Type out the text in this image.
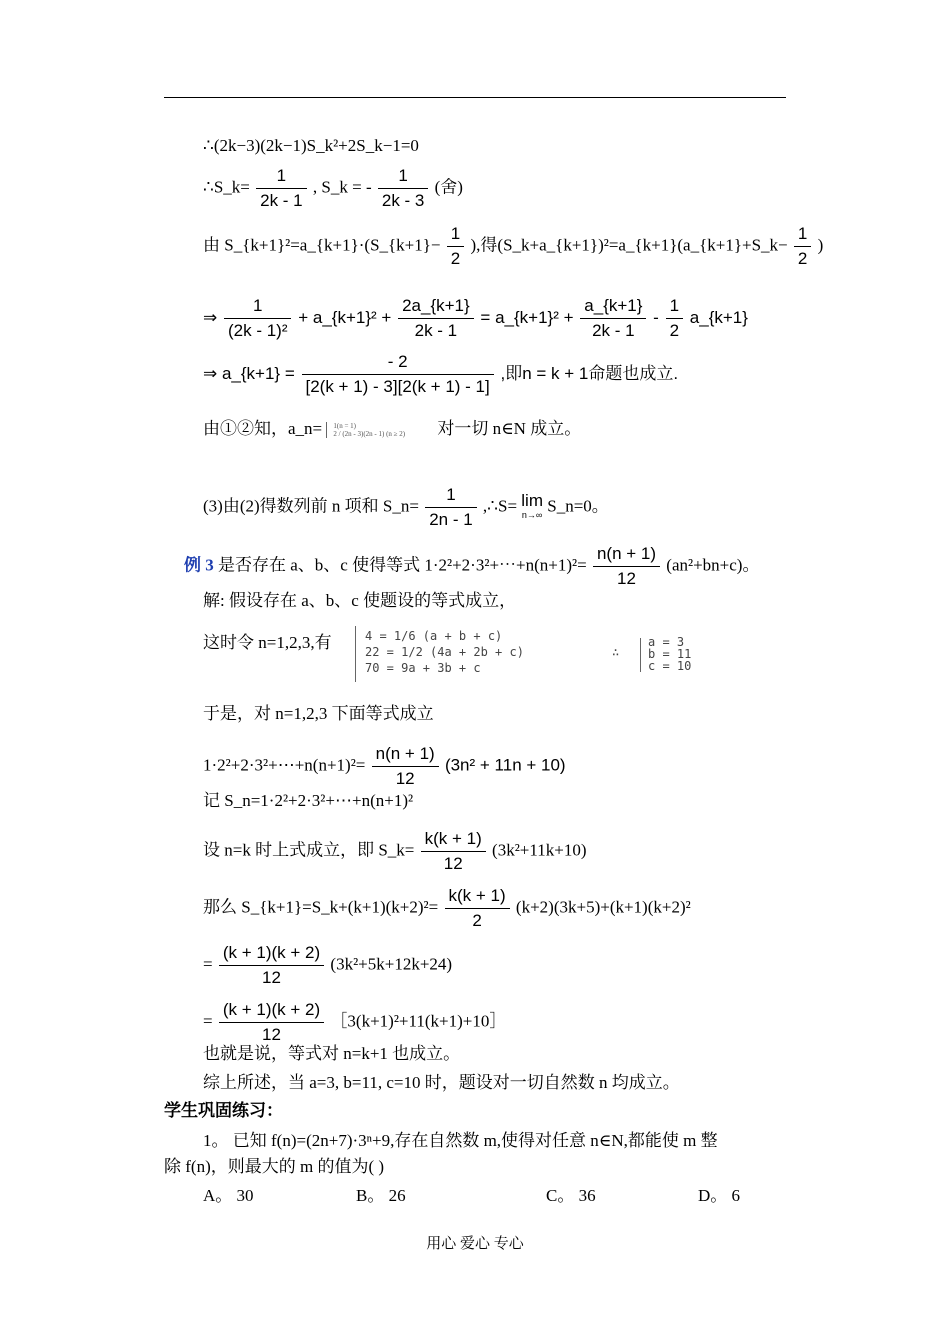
∴(2k−3)(2k−1)S_k²+2S_k−1=0
∴S_k= $\frac{1}{2k - 1}$ , S_k = - $\frac{1}{2k - 3}$ (舍)
由 S_{k+1}²=a_{k+1}·(S_{k+1}− $\frac{1}{2}$ ),得(S_k+a_{k+1})²=a_{k+1}(a_{k+1}+S_k− $\frac{1}{2}$ )
⇒ $\frac{1}{\text{(2k - 1)²}}$ + a_{k+1}² + $\frac{2a\_\{k+1\}}{2k - 1}$ = a_{k+1}² + $\frac{a\_\{k+1\}}{2k - 1} - \frac{1}{2}$ a_{k+1}
⇒ a_{k+1} = $\frac{- 2}{[2(k + 1) - 3][2(k + 1) - 1]}$ ,即n = k + 1命题也成立.
由①②知，a_n= 1(n = 1)
2 / (2n - 3)(2n - 1) (n ≥ 2) 对一切 n∈N 成立。
(3)由(2)得数列前 n 项和 S_n= $\frac{1}{2n - 1}$ ,∴S= lim
n→∞ S_n=0。
例 3 是否存在 a、b、c 使得等式 1·2²+2·3²+⋯+n(n+1)²= $\frac{n(n + 1)}{12} (an^2+bn+c)$。
解: 假设存在 a、b、c 使题设的等式成立，
这时令 n=1,2,3,有	4 = 1/6 (a + b + c)
22 = 1/2 (4a + 2b + c)
70 = 9a + 3b + c
∴
a = 3
b = 11
c = 10
于是，对 n=1,2,3 下面等式成立
1·2²+2·3²+⋯+n(n+1)²= $\frac{n(n + 1)}{12} (3n^2 + 11n + 10)$
记 S_n=1·2²+2·3²+⋯+n(n+1)²
设 n=k 时上式成立，即 S_k= $\frac{k(k + 1)}{12} (3k^2+11k+10)$
那么 S_{k+1}=S_k+(k+1)(k+2)²= $\frac{k(k + 1)}{2} (k+2)(3k+5)+(k+1)(k+2)^2$
= $\frac{(k + 1)(k + 2)}{12} (3k^2+5k+12k+24)$
= $\frac{(k + 1)(k + 2)}{12}$ ［3(k+1)²+11(k+1)+10］
也就是说，等式对 n=k+1 也成立。
综上所述，当 a=3, b=11, c=10 时，题设对一切自然数 n 均成立。
学生巩固练习：
1。 已知 f(n)=(2n+7)·3ⁿ+9,存在自然数 m,使得对任意 n∈N,都能使 m 整
除 f(n)，则最大的 m 的值为( )
A。 30	B。 26	C。 36	D。 6
用心 爱心 专心
